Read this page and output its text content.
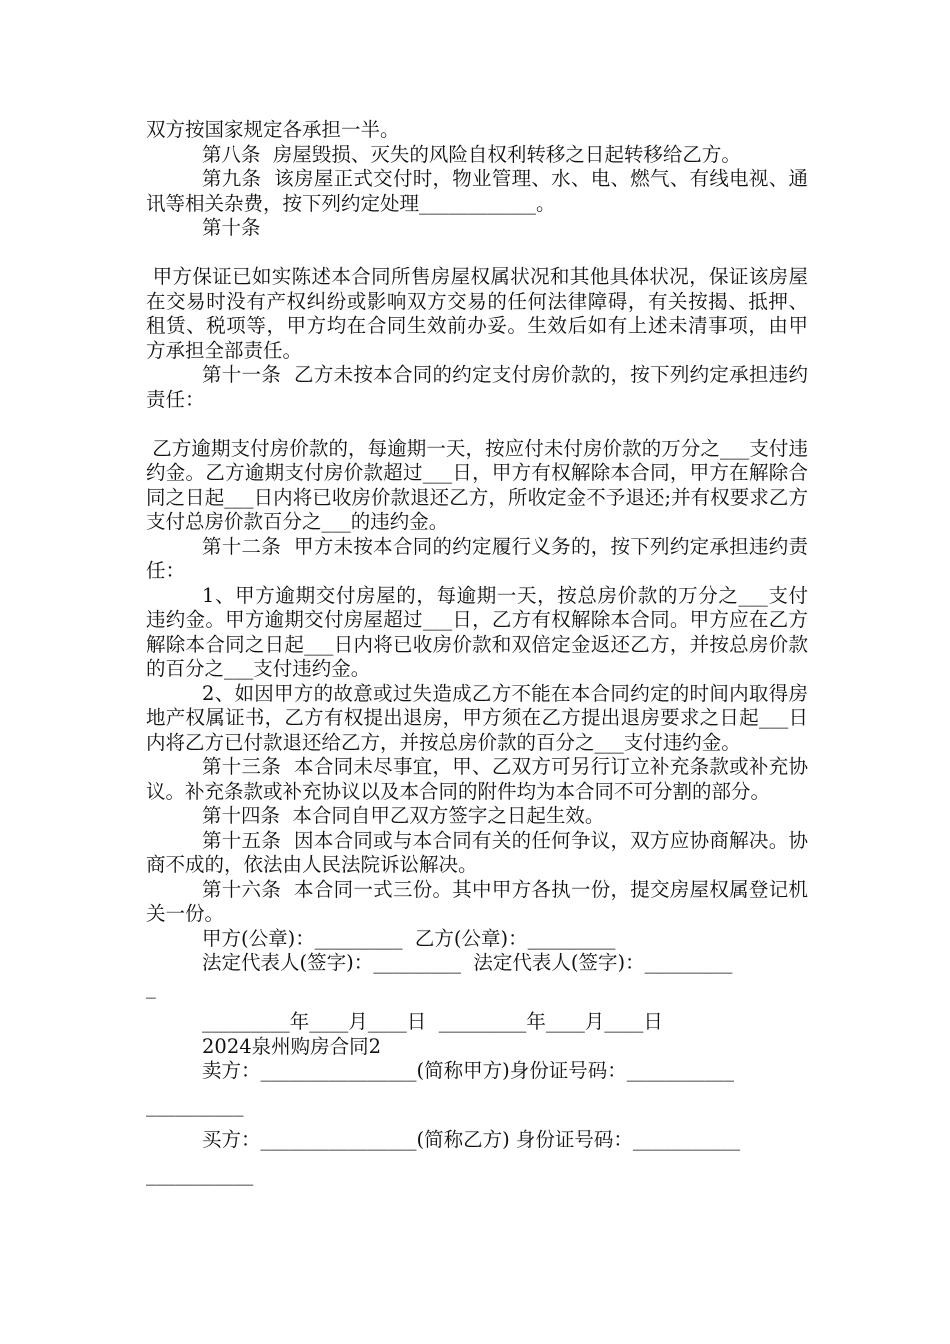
双方按国家规定各承担一半。

第八条  房屋毁损、灭失的风险自权利转移之日起转移给乙方。

第九条  该房屋正式交付时，物业管理、水、电、燃气、有线电视、通讯等相关杂费，按下列约定处理____________。

第十条

甲方保证已如实陈述本合同所售房屋权属状况和其他具体状况，保证该房屋在交易时没有产权纠纷或影响双方交易的任何法律障碍，有关按揭、抵押、租赁、税项等，甲方均在合同生效前办妥。生效后如有上述未清事项，由甲方承担全部责任。

第十一条  乙方未按本合同的约定支付房价款的，按下列约定承担违约责任：

乙方逾期支付房价款的，每逾期一天，按应付未付房价款的万分之___支付违约金。乙方逾期支付房价款超过___日，甲方有权解除本合同，甲方在解除合同之日起___日内将已收房价款退还乙方，所收定金不予退还;并有权要求乙方支付总房价款百分之___的违约金。

第十二条  甲方未按本合同的约定履行义务的，按下列约定承担违约责任：

1、甲方逾期交付房屋的，每逾期一天，按总房价款的万分之___支付违约金。甲方逾期交付房屋超过___日，乙方有权解除本合同。甲方应在乙方解除本合同之日起___日内将已收房价款和双倍定金返还乙方，并按总房价款的百分之___支付违约金。

2、如因甲方的故意或过失造成乙方不能在本合同约定的时间内取得房地产权属证书，乙方有权提出退房，甲方须在乙方提出退房要求之日起___日内将乙方已付款退还给乙方，并按总房价款的百分之___支付违约金。

第十三条  本合同未尽事宜，甲、乙双方可另行订立补充条款或补充协议。补充条款或补充协议以及本合同的附件均为本合同不可分割的部分。

第十四条  本合同自甲乙双方签字之日起生效。

第十五条  因本合同或与本合同有关的任何争议，双方应协商解决。协商不成的，依法由人民法院诉讼解决。

第十六条  本合同一式三份。其中甲方各执一份，提交房屋权属登记机关一份。

甲方(公章)：_________  乙方(公章)：_________

法定代表人(签字)：_________  法定代表人(签字)：_________

_

_________年____月____日  _________年____月____日

2024泉州购房合同2

卖方：________________(简称甲方)身份证号码：___________

__________

买方：________________(简称乙方) 身份证号码：___________

___________
